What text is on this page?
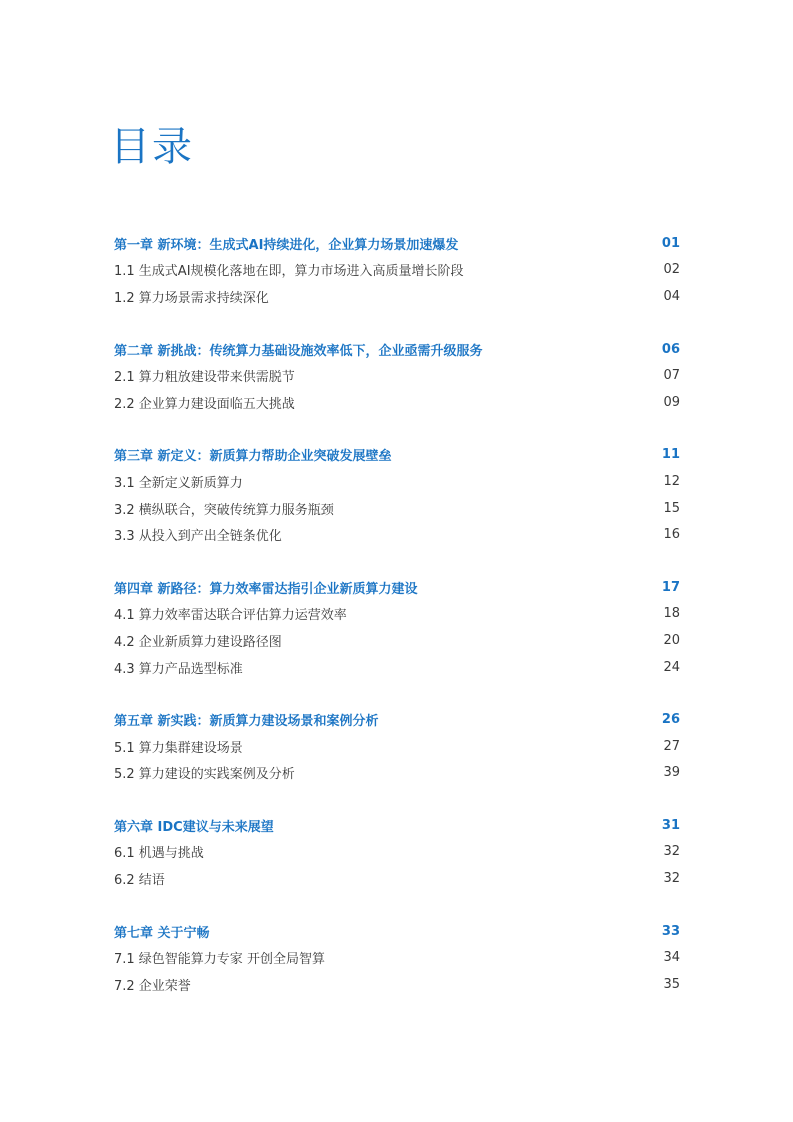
目录
第一章 新环境：生成式AI持续进化，企业算力场景加速爆发	01
1.1 生成式AI规模化落地在即，算力市场进入高质量增长阶段	02
1.2 算力场景需求持续深化	04
第二章 新挑战：传统算力基础设施效率低下，企业亟需升级服务	06
2.1 算力粗放建设带来供需脱节	07
2.2 企业算力建设面临五大挑战	09
第三章 新定义：新质算力帮助企业突破发展壁垒	11
3.1 全新定义新质算力	12
3.2 横纵联合，突破传统算力服务瓶颈	15
3.3 从投入到产出全链条优化	16
第四章 新路径：算力效率雷达指引企业新质算力建设	17
4.1 算力效率雷达联合评估算力运营效率	18
4.2 企业新质算力建设路径图	20
4.3 算力产品选型标准	24
第五章 新实践：新质算力建设场景和案例分析	26
5.1 算力集群建设场景	27
5.2 算力建设的实践案例及分析	39
第六章 IDC建议与未来展望	31
6.1 机遇与挑战	32
6.2 结语	32
第七章 关于宁畅	33
7.1 绿色智能算力专家 开创全局智算	34
7.2 企业荣誉	35
